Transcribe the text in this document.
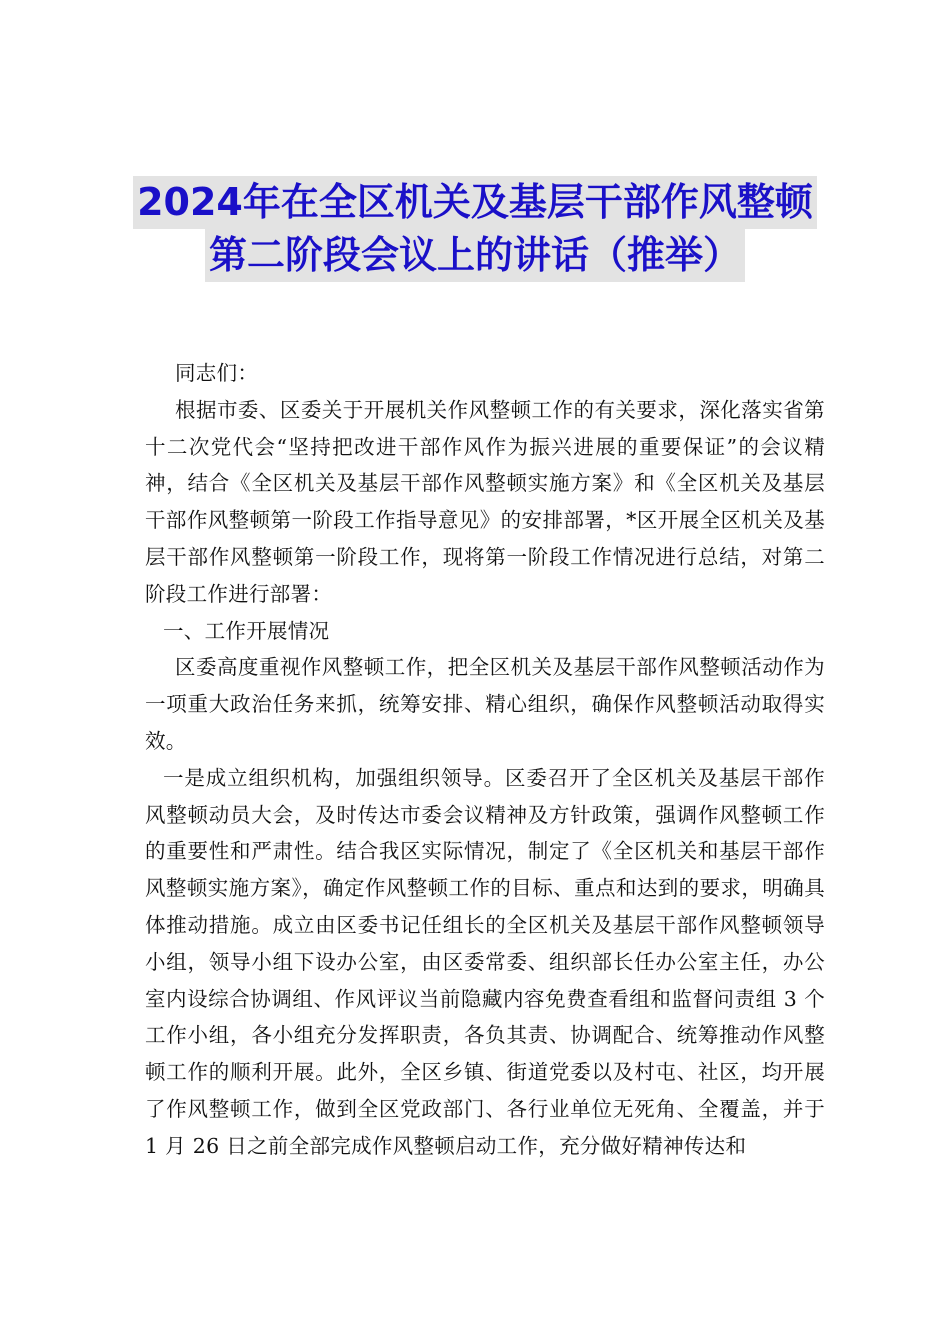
2024年在全区机关及基层干部作风整顿
第二阶段会议上的讲话（推举）

同志们：

根据市委、区委关于开展机关作风整顿工作的有关要求，深化落实省第十二次党代会“坚持把改进干部作风作为振兴进展的重要保证”的会议精神，结合《全区机关及基层干部作风整顿实施方案》和《全区机关及基层干部作风整顿第一阶段工作指导意见》的安排部署，*区开展全区机关及基层干部作风整顿第一阶段工作，现将第一阶段工作情况进行总结，对第二阶段工作进行部署：

一、工作开展情况

区委高度重视作风整顿工作，把全区机关及基层干部作风整顿活动作为一项重大政治任务来抓，统筹安排、精心组织，确保作风整顿活动取得实效。

一是成立组织机构，加强组织领导。区委召开了全区机关及基层干部作风整顿动员大会，及时传达市委会议精神及方针政策，强调作风整顿工作的重要性和严肃性。结合我区实际情况，制定了《全区机关和基层干部作风整顿实施方案》，确定作风整顿工作的目标、重点和达到的要求，明确具体推动措施。成立由区委书记任组长的全区机关及基层干部作风整顿领导小组，领导小组下设办公室，由区委常委、组织部长任办公室主任，办公室内设综合协调组、作风评议当前隐藏内容免费查看组和监督问责组 3 个工作小组，各小组充分发挥职责，各负其责、协调配合、统筹推动作风整顿工作的顺利开展。此外，全区乡镇、街道党委以及村屯、社区，均开展了作风整顿工作，做到全区党政部门、各行业单位无死角、全覆盖，并于 1 月 26 日之前全部完成作风整顿启动工作，充分做好精神传达和
